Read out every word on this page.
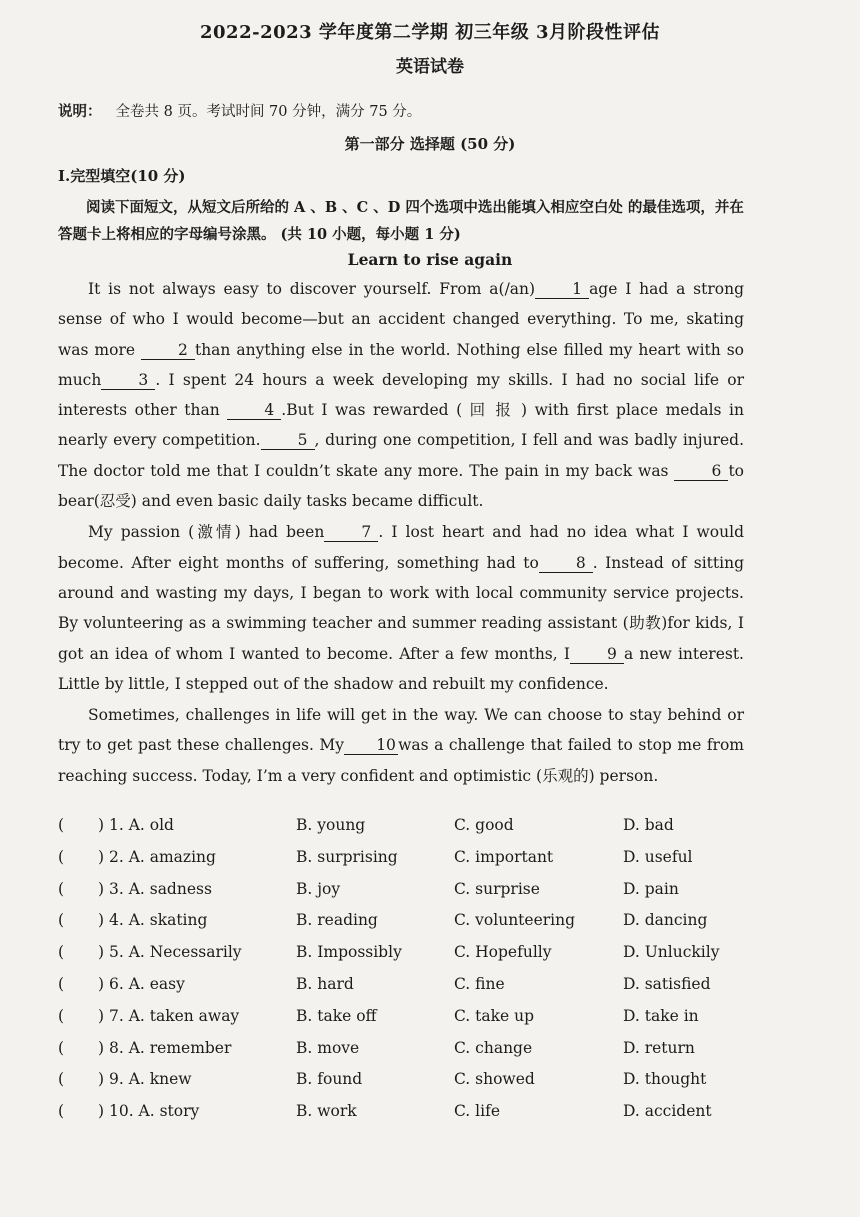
2022-2023 学年度第二学期 初三年级 3月阶段性评估
英语试卷
说明： 全卷共 8 页。考试时间 70 分钟，满分 75 分。
第一部分 选择题 (50 分)
I.完型填空(10 分)
阅读下面短文，从短文后所给的 A 、B 、C 、D 四个选项中选出能填入相应空白处 的最佳选项，并在答题卡上将相应的字母编号涂黑。 (共 10 小题，每小题 1 分)
Learn to rise again

It is not always easy to discover yourself. From a(/an) 1 age I had a strong sense of who I would become—but an accident changed everything. To me, skating was more 2 than anything else in the world. Nothing else filled my heart with so much 3 . I spent 24 hours a week developing my skills. I had no social life or interests other than 4 .But I was rewarded ( 回 报 ) with first place medals in nearly every competition. 5 , during one competition, I fell and was badly injured. The doctor told me that I couldn’t skate any more. The pain in my back was 6 to bear(忍受) and even basic daily tasks became difficult.

My passion (激情) had been 7 . I lost heart and had no idea what I would become. After eight months of suffering, something had to 8 . Instead of sitting around and wasting my days, I began to work with local community service projects. By volunteering as a swimming teacher and summer reading assistant (助教)for kids, I got an idea of whom I wanted to become. After a few months, I 9 a new interest. Little by little, I stepped out of the shadow and rebuilt my confidence.

Sometimes, challenges in life will get in the way. We can choose to stay behind or try to get past these challenges. My 10 was a challenge that failed to stop me from reaching success. Today, I’m a very confident and optimistic (乐观的) person.

( ) 1. A. old	B. young	C. good	D. bad
( ) 2. A. amazing	B. surprising	C. important	D. useful
( ) 3. A. sadness	B. joy	C. surprise	D. pain
( ) 4. A. skating	B. reading	C. volunteering	D. dancing
( ) 5. A. Necessarily	B. Impossibly	C. Hopefully	D. Unluckily
( ) 6. A. easy	B. hard	C. fine	D. satisfied
( ) 7. A. taken away	B. take off	C. take up	D. take in
( ) 8. A. remember	B. move	C. change	D. return
( ) 9. A. knew	B. found	C. showed	D. thought
( ) 10. A. story	B. work	C. life	D. accident
